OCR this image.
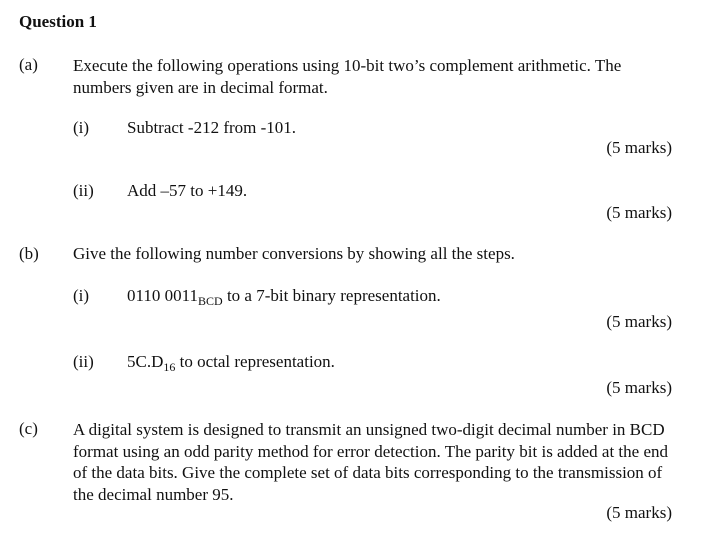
Question 1
(a) Execute the following operations using 10-bit two’s complement arithmetic. The numbers given are in decimal format.
(i) Subtract -212 from -101.
(5 marks)
(ii) Add –57 to +149.
(5 marks)
(b) Give the following number conversions by showing all the steps.
(i) 0110 $0011_{BCD}$ to a 7-bit binary representation.
(5 marks)
(ii) $5C.D_{16}$ to octal representation.
(5 marks)
(c) A digital system is designed to transmit an unsigned two-digit decimal number in BCD format using an odd parity method for error detection. The parity bit is added at the end of the data bits. Give the complete set of data bits corresponding to the transmission of the decimal number 95.
(5 marks)
